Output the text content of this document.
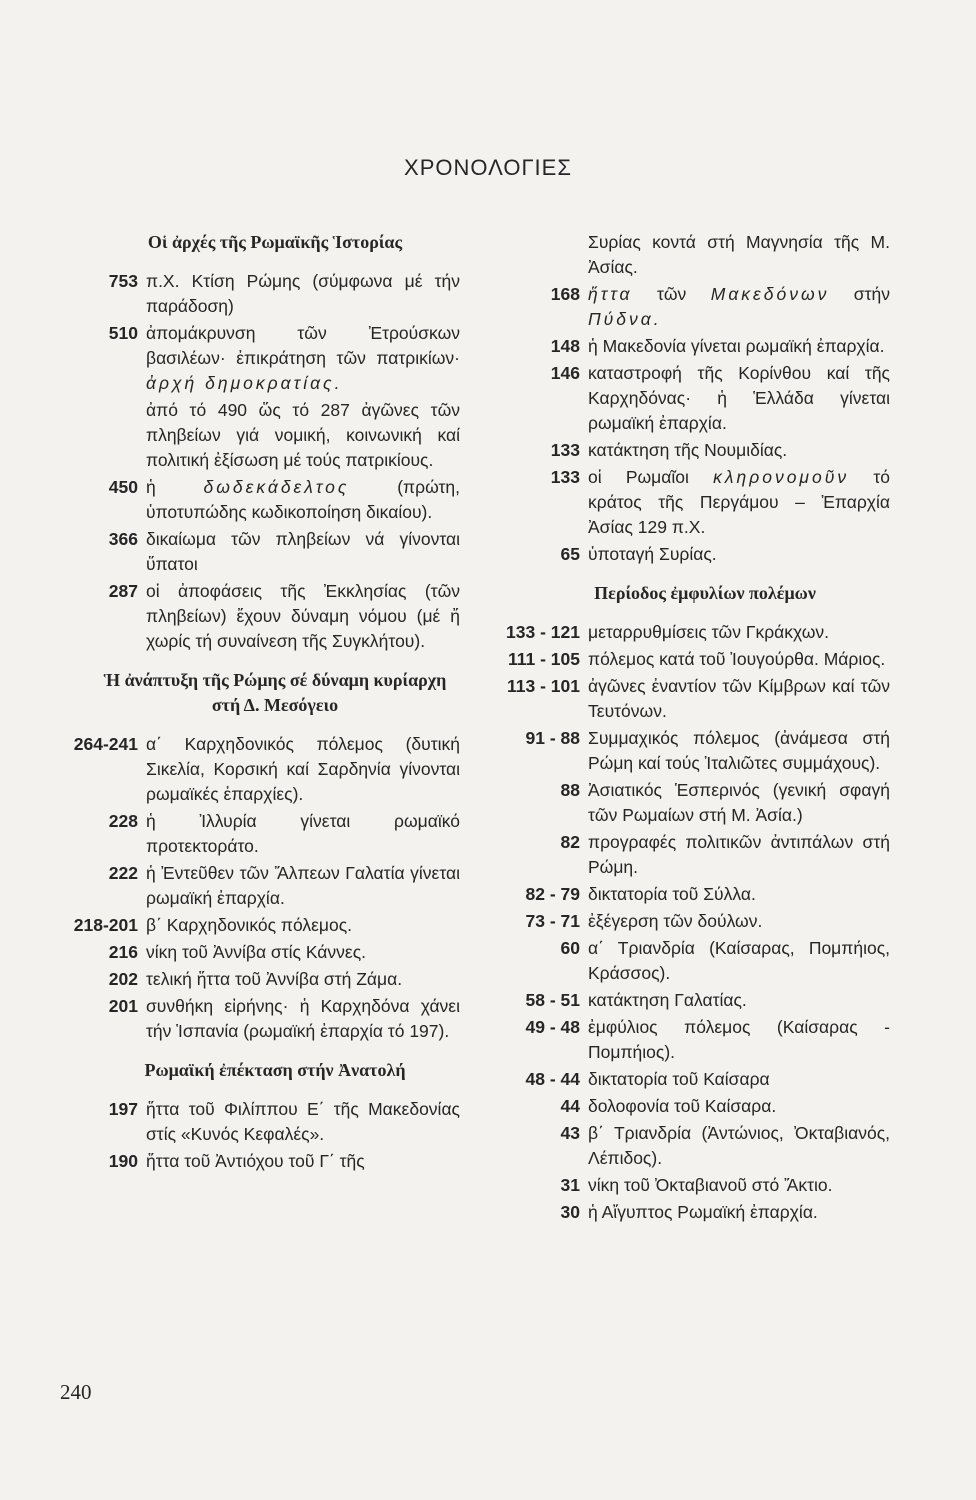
ΧΡΟΝΟΛΟΓΙΕΣ
Οἱ ἀρχές τῆς Ρωμαϊκῆς Ἱστορίας
753 π.Χ. Κτίση Ρώμης (σύμφωνα μέ τήν παράδοση)
510 ἀπομάκρυνση τῶν Ἐτρούσκων βασιλέων· ἐπικράτηση τῶν πατρικίων· ἀρχή δημοκρατίας.
ἀπό τό 490 ὥς τό 287 ἀγῶνες τῶν πληβείων γιά νομική, κοινωνική καί πολιτική ἐξίσωση μέ τούς πατρικίους.
450 ἡ	δωδεκάδελτος	(πρώτη, ὑποτυπώδης κωδικοποίηση δικαίου).
366 δικαίωμα τῶν πληβείων νά γίνονται ὕπατοι
287 οἱ ἀποφάσεις τῆς Ἐκκλησίας (τῶν πληβείων) ἔχουν δύναμη νόμου (μέ ἤ χωρίς τή συναίνεση τῆς Συγκλήτου).
Ἡ ἀνάπτυξη τῆς Ρώμης σέ δύναμη κυρίαρχη στή Δ. Μεσόγειο
264-241 α΄ Καρχηδονικός πόλεμος (δυτική Σικελία, Κορσική καί Σαρδηνία γίνονται ρωμαϊκές ἐπαρχίες).
228 ἡ Ἰλλυρία γίνεται ρωμαϊκό προτεκτοράτο.
222 ἡ Ἐντεῦθεν τῶν Ἄλπεων Γαλατία γίνεται ρωμαϊκή ἐπαρχία.
218-201 β΄ Καρχηδονικός πόλεμος.
216 νίκη τοῦ Ἀννίβα στίς Κάννες.
202 τελική ἥττα τοῦ Ἀννίβα στή Ζάμα.
201 συνθήκη εἰρήνης· ἡ Καρχηδόνα χάνει τήν Ἱσπανία (ρωμαϊκή ἐπαρχία τό 197).
Ρωμαϊκή ἐπέκταση στήν Ἀνατολή
197 ἥττα τοῦ Φιλίππου Ε΄ τῆς Μακεδονίας στίς «Κυνός Κεφαλές».
190 ἥττα τοῦ Ἀντιόχου τοῦ Γ΄ τῆς
Συρίας κοντά στή Μαγνησία τῆς Μ. Ἀσίας.
168 ἥττα τῶν Μακεδόνων στήν Πύδνα.
148 ἡ Μακεδονία γίνεται ρωμαϊκή ἐπαρχία.
146 καταστροφή τῆς Κορίνθου καί τῆς Καρχηδόνας· ἡ Ἑλλάδα γίνεται ρωμαϊκή ἐπαρχία.
133 κατάκτηση τῆς Νουμιδίας.
133 οἱ Ρωμαῖοι κληρονομοῦν τό κράτος τῆς Περγάμου – Ἐπαρχία Ἀσίας 129 π.Χ.
65 ὑποταγή Συρίας.
Περίοδος ἐμφυλίων πολέμων
133 - 121 μεταρρυθμίσεις τῶν Γκράκχων.
111 - 105 πόλεμος κατά τοῦ Ἰουγούρθα. Μάριος.
113 - 101 ἀγῶνες ἐναντίον τῶν Κίμβρων καί τῶν Τευτόνων.
91 - 88 Συμμαχικός πόλεμος (ἀνάμεσα στή Ρώμη καί τούς Ἰταλιῶτες συμμάχους).
88 Ἀσιατικός Ἑσπερινός (γενική σφαγή τῶν Ρωμαίων στή Μ. Ἀσία.)
82 προγραφές πολιτικῶν ἀντιπάλων στή Ρώμη.
82 - 79 δικτατορία τοῦ Σύλλα.
73 - 71 ἐξέγερση τῶν δούλων.
60 α΄ Τριανδρία (Καίσαρας, Πομπήιος, Κράσσος).
58 - 51 κατάκτηση Γαλατίας.
49 - 48 ἐμφύλιος πόλεμος (Καίσαρας - Πομπήιος).
48 - 44 δικτατορία τοῦ Καίσαρα
44 δολοφονία τοῦ Καίσαρα.
43 β΄ Τριανδρία (Ἀντώνιος, Ὀκταβιανός, Λέπιδος).
31 νίκη τοῦ Ὀκταβιανοῦ στό Ἄκτιο.
30 ἡ Αἴγυπτος Ρωμαϊκή ἐπαρχία.
240
